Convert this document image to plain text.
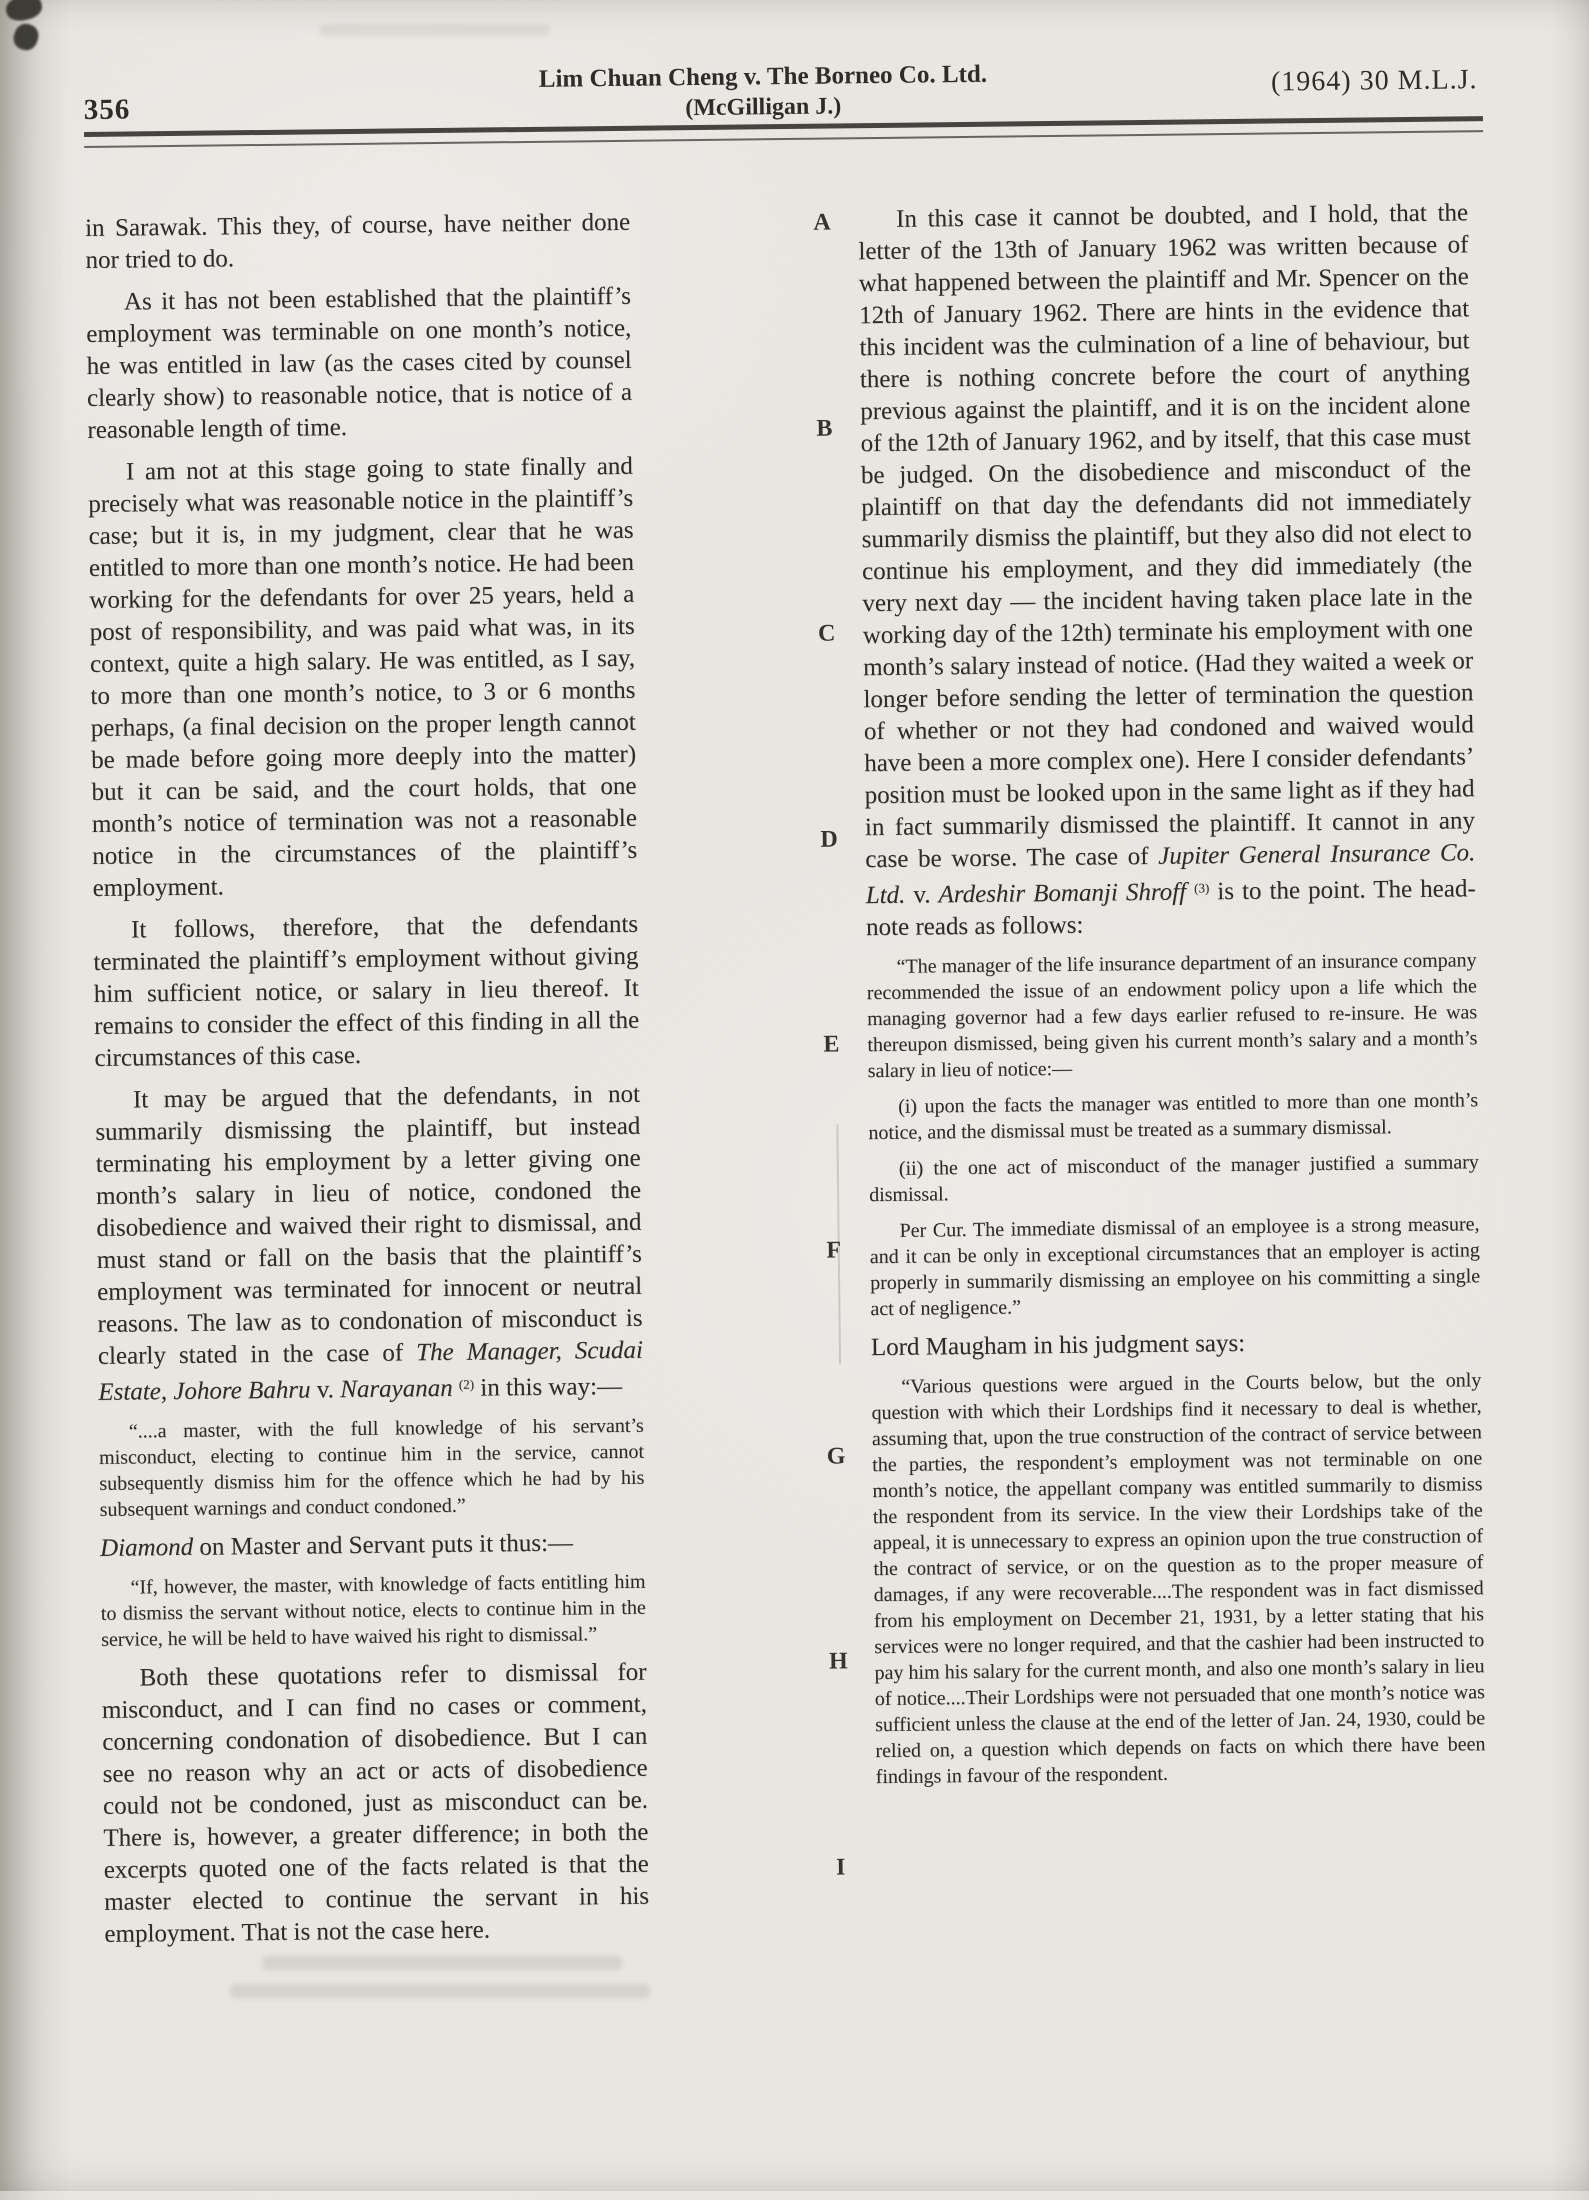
356
Lim Chuan Cheng v. The Borneo Co. Ltd.
(McGilligan J.)
(1964) 30 M.L.J.

in Sarawak. This they, of course, have neither done nor tried to do.

As it has not been established that the plaintiff’s employment was terminable on one month’s notice, he was entitled in law (as the cases cited by counsel clearly show) to reasonable notice, that is notice of a reasonable length of time.

I am not at this stage going to state finally and precisely what was reasonable notice in the plaintiff’s case; but it is, in my judgment, clear that he was entitled to more than one month’s notice. He had been working for the defendants for over 25 years, held a post of responsibility, and was paid what was, in its context, quite a high salary. He was entitled, as I say, to more than one month’s notice, to 3 or 6 months perhaps, (a final decision on the proper length cannot be made before going more deeply into the matter) but it can be said, and the court holds, that one month’s notice of termination was not a reasonable notice in the circumstances of the plaintiff’s employment.

It follows, therefore, that the defendants terminated the plaintiff’s employment without giving him sufficient notice, or salary in lieu thereof. It remains to consider the effect of this finding in all the circumstances of this case.

It may be argued that the defendants, in not summarily dismissing the plaintiff, but instead terminating his employment by a letter giving one month’s salary in lieu of notice, condoned the disobedience and waived their right to dismissal, and must stand or fall on the basis that the plaintiff’s employment was terminated for innocent or neutral reasons. The law as to condonation of misconduct is clearly stated in the case of The Manager, Scudai Estate, Johore Bahru v. Narayanan $^{(2)}$ in this way:—

“....a master, with the full knowledge of his servant’s misconduct, electing to continue him in the service, cannot subsequently dismiss him for the offence which he had by his subsequent warnings and conduct condoned.”

Diamond on Master and Servant puts it thus:—

“If, however, the master, with knowledge of facts entitling him to dismiss the servant without notice, elects to continue him in the service, he will be held to have waived his right to dismissal.”

Both these quotations refer to dismissal for misconduct, and I can find no cases or comment, concerning condonation of disobedience. But I can see no reason why an act or acts of disobedience could not be condoned, just as misconduct can be. There is, however, a greater difference; in both the excerpts quoted one of the facts related is that the master elected to continue the servant in his employment. That is not the case here.

In this case it cannot be doubted, and I hold, that the letter of the 13th of January 1962 was written because of what happened between the plaintiff and Mr. Spencer on the 12th of January 1962. There are hints in the evidence that this incident was the culmination of a line of behaviour, but there is nothing concrete before the court of anything previous against the plaintiff, and it is on the incident alone of the 12th of January 1962, and by itself, that this case must be judged. On the disobedience and misconduct of the plaintiff on that day the defendants did not immediately summarily dismiss the plaintiff, but they also did not elect to continue his employment, and they did immediately (the very next day — the incident having taken place late in the working day of the 12th) terminate his employment with one month’s salary instead of notice. (Had they waited a week or longer before sending the letter of termination the question of whether or not they had condoned and waived would have been a more complex one). Here I consider defendants’ position must be looked upon in the same light as if they had in fact summarily dismissed the plaintiff. It cannot in any case be worse. The case of Jupiter General Insurance Co. Ltd. v. Ardeshir Bomanji Shroff $^{(3)}$ is to the point. The head-note reads as follows:

“The manager of the life insurance department of an insurance company recommended the issue of an endowment policy upon a life which the managing governor had a few days earlier refused to re-insure. He was thereupon dismissed, being given his current month’s salary and a month’s salary in lieu of notice:—

(i) upon the facts the manager was entitled to more than one month’s notice, and the dismissal must be treated as a summary dismissal.

(ii) the one act of misconduct of the manager justified a summary dismissal.

Per Cur. The immediate dismissal of an employee is a strong measure, and it can be only in exceptional circumstances that an employer is acting properly in summarily dismissing an employee on his committing a single act of negligence.”

Lord Maugham in his judgment says:

“Various questions were argued in the Courts below, but the only question with which their Lordships find it necessary to deal is whether, assuming that, upon the true construction of the contract of service between the parties, the respondent’s employment was not terminable on one month’s notice, the appellant company was entitled summarily to dismiss the respondent from its service. In the view their Lordships take of the appeal, it is unnecessary to express an opinion upon the true construction of the contract of service, or on the question as to the proper measure of damages, if any were recoverable....The respondent was in fact dismissed from his employment on December 21, 1931, by a letter stating that his services were no longer required, and that the cashier had been instructed to pay him his salary for the current month, and also one month’s salary in lieu of notice....Their Lordships were not persuaded that one month’s notice was sufficient unless the clause at the end of the letter of Jan. 24, 1930, could be relied on, a question which depends on facts on which there have been findings in favour of the respondent.

A
B
C
D
E
F
G
H
I
